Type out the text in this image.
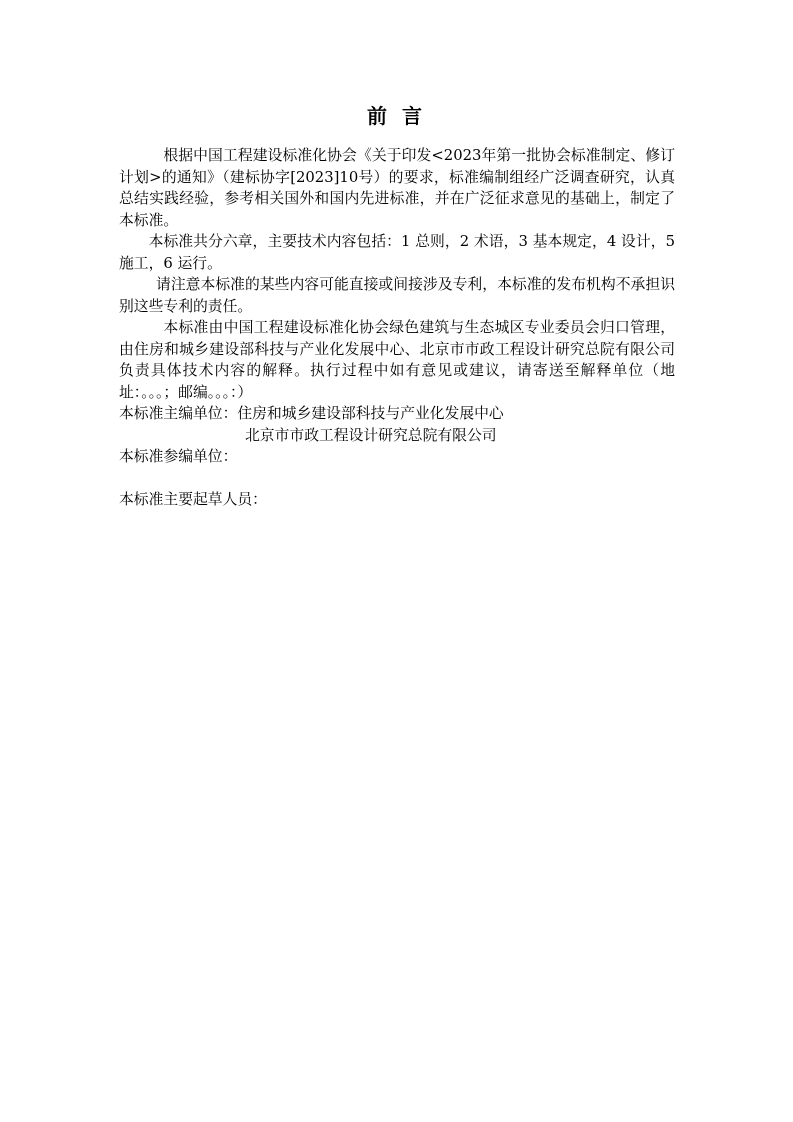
前 言

根据中国工程建设标准化协会《关于印发<2023年第一批协会标准制定、修订计划>的通知》（建标协字[2023]10号）的要求，标准编制组经广泛调查研究，认真总结实践经验，参考相关国外和国内先进标准，并在广泛征求意见的基础上，制定了本标准。

本标准共分六章，主要技术内容包括：1 总则，2 术语，3 基本规定，4 设计，5 施工，6 运行。

请注意本标准的某些内容可能直接或间接涉及专利，本标准的发布机构不承担识别这些专利的责任。

本标准由中国工程建设标准化协会绿色建筑与生态城区专业委员会归口管理，由住房和城乡建设部科技与产业化发展中心、北京市市政工程设计研究总院有限公司负责具体技术内容的解释。执行过程中如有意见或建议，请寄送至解释单位（地址：。。。；邮编。。。：）

本标准主编单位：住房和城乡建设部科技与产业化发展中心

北京市市政工程设计研究总院有限公司

本标准参编单位：

本标准主要起草人员：
